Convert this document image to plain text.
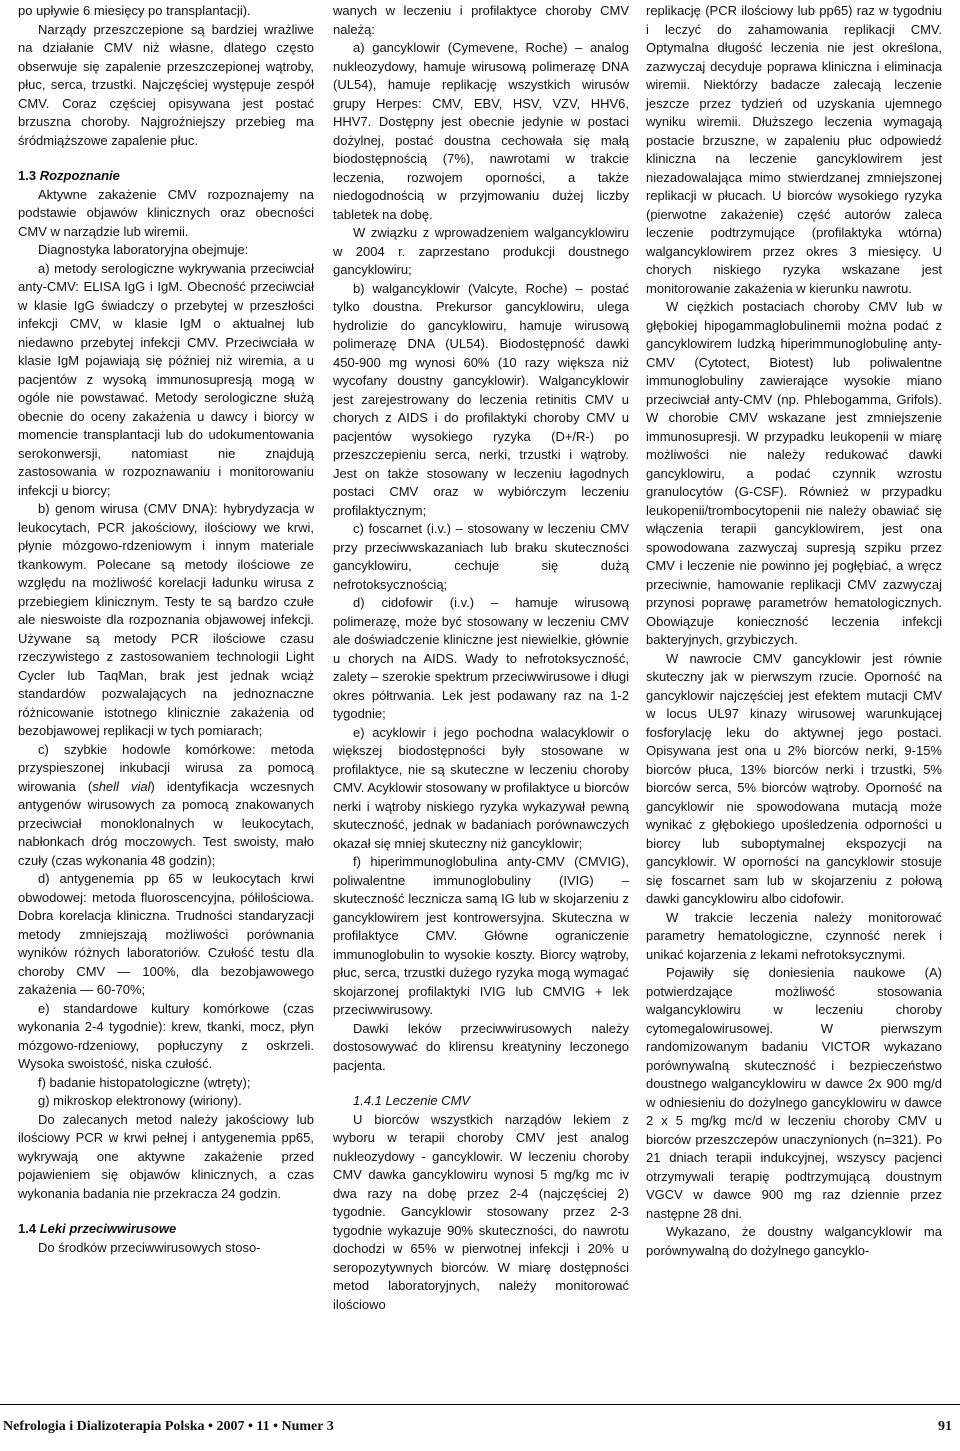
po upływie 6 miesięcy po transplantacji).

Narządy przeszczepione są bardziej wrażliwe na działanie CMV niż własne, dlatego często obserwuje się zapalenie przeszczepionej wątroby, płuc, serca, trzustki. Najczęściej występuje zespół CMV. Coraz częściej opisywana jest postać brzuszna choroby. Najgroźniejszy przebieg ma śródmiąższowe zapalenie płuc.

1.3 Rozpoznanie

Aktywne zakażenie CMV rozpoznajemy na podstawie objawów klinicznych oraz obecności CMV w narządzie lub wiremii.

Diagnostyka laboratoryjna obejmuje:

a) metody serologiczne wykrywania przeciwciał anty-CMV: ELISA IgG i IgM. Obecność przeciwciał w klasie IgG świadczy o przebytej w przeszłości infekcji CMV, w klasie IgM o aktualnej lub niedawno przebytej infekcji CMV. Przeciwciała w klasie IgM pojawiają się później niż wiremia, a u pacjentów z wysoką immunosupresją mogą w ogóle nie powstawać. Metody serologiczne służą obecnie do oceny zakażenia u dawcy i biorcy w momencie transplantacji lub do udokumentowania serokonwersji, natomiast nie znajdują zastosowania w rozpoznawaniu i monitorowaniu infekcji u biorcy;

b) genom wirusa (CMV DNA): hybrydyzacja w leukocytach, PCR jakościowy, ilościowy we krwi, płynie mózgowo-rdzeniowym i innym materiale tkankowym. Polecane są metody ilościowe ze względu na możliwość korelacji ładunku wirusa z przebiegiem klinicznym. Testy te są bardzo czułe ale nieswoiste dla rozpoznania objawowej infekcji. Używane są metody PCR ilościowe czasu rzeczywistego z zastosowaniem technologii Light Cycler lub TaqMan, brak jest jednak wciąż standardów pozwalających na jednoznaczne różnicowanie istotnego klinicznie zakażenia od bezobjawowej replikacji w tych pomiarach;

c) szybkie hodowle komórkowe: metoda przyspieszonej inkubacji wirusa za pomocą wirowania (shell vial) identyfikacja wczesnych antygenów wirusowych za pomocą znakowanych przeciwciał monoklonalnych w leukocytach, nabłonkach dróg moczowych. Test swoisty, mało czuły (czas wykonania 48 godzin);

d) antygenemia pp 65 w leukocytach krwi obwodowej: metoda fluoroscencyjna, półilościowa. Dobra korelacja kliniczna. Trudności standaryzacji metody zmniejszają możliwości porównania wyników różnych laboratoriów. Czułość testu dla choroby CMV — 100%, dla bezobjawowego zakażenia — 60-70%;

e) standardowe kultury komórkowe (czas wykonania 2-4 tygodnie): krew, tkanki, mocz, płyn mózgowo-rdzeniowy, popłuczyny z oskrzeli. Wysoka swoistość, niska czułość.

f) badanie histopatologiczne (wtręty);

g) mikroskop elektronowy (wiriony).

Do zalecanych metod należy jakościowy lub ilościowy PCR w krwi pełnej i antygenemia pp65, wykrywają one aktywne zakażenie przed pojawieniem się objawów klinicznych, a czas wykonania badania nie przekracza 24 godzin.

1.4 Leki przeciwwirusowe

Do środków przeciwwirusowych stoso-

wanych w leczeniu i profilaktyce choroby CMV należą:

a) gancyklowir (Cymevene, Roche) – analog nukleozydowy, hamuje wirusową polimerazę DNA (UL54), hamuje replikację wszystkich wirusów grupy Herpes: CMV, EBV, HSV, VZV, HHV6, HHV7. Dostępny jest obecnie jedynie w postaci dożylnej, postać doustna cechowała się małą biodostępnością (7%), nawrotami w trakcie leczenia, rozwojem oporności, a także niedogodnością w przyjmowaniu dużej liczby tabletek na dobę.

W związku z wprowadzeniem walgancyklowiru w 2004 r. zaprzestano produkcji doustnego gancyklowiru;

b) walgancyklowir (Valcyte, Roche) – postać tylko doustna. Prekursor gancyklowiru, ulega hydrolizie do gancyklowiru, hamuje wirusową polimerazę DNA (UL54). Biodostępność dawki 450-900 mg wynosi 60% (10 razy większa niż wycofany doustny gancyklowir). Walgancyklowir jest zarejestrowany do leczenia retinitis CMV u chorych z AIDS i do profilaktyki choroby CMV u pacjentów wysokiego ryzyka (D+/R-) po przeszczepieniu serca, nerki, trzustki i wątroby. Jest on także stosowany w leczeniu łagodnych postaci CMV oraz w wybiórczym leczeniu profilaktycznym;

c) foscarnet (i.v.) – stosowany w leczeniu CMV przy przeciwwskazaniach lub braku skuteczności gancyklowiru, cechuje się dużą nefrotoksycznością;

d) cidofowir (i.v.) – hamuje wirusową polimerazę, może być stosowany w leczeniu CMV ale doświadczenie kliniczne jest niewielkie, głównie u chorych na AIDS. Wady to nefrotoksyczność, zalety – szerokie spektrum przeciwwirusowe i długi okres półtrwania. Lek jest podawany raz na 1-2 tygodnie;

e) acyklowir i jego pochodna walacyklowir o większej biodostępności były stosowane w profilaktyce, nie są skuteczne w leczeniu choroby CMV. Acyklowir stosowany w profilaktyce u biorców nerki i wątroby niskiego ryzyka wykazywał pewną skuteczność, jednak w badaniach porównawczych okazał się mniej skuteczny niż gancyklowir;

f) hiperimmunoglobulina anty-CMV (CMVIG), poliwalentne immunoglobuliny (IVIG) – skuteczność lecznicza samą IG lub w skojarzeniu z gancyklowirem jest kontrowersyjna. Skuteczna w profilaktyce CMV. Główne ograniczenie immunoglobulin to wysokie koszty. Biorcy wątroby, płuc, serca, trzustki dużego ryzyka mogą wymagać skojarzonej profilaktyki IVIG lub CMVIG + lek przeciwwirusowy.

Dawki leków przeciwwirusowych należy dostosowywać do klirensu kreatyniny leczonego pacjenta.

1.4.1 Leczenie CMV

U biorców wszystkich narządów lekiem z wyboru w terapii choroby CMV jest analog nukleozydowy - gancyklowir. W leczeniu choroby CMV dawka gancyklowiru wynosi 5 mg/kg mc iv dwa razy na dobę przez 2-4 (najczęściej 2) tygodnie. Gancyklowir stosowany przez 2-3 tygodnie wykazuje 90% skuteczności, do nawrotu dochodzi w 65% w pierwotnej infekcji i 20% u seropozytywnych biorców. W miarę dostępności metod laboratoryjnych, należy monitorować ilościowo

replikację (PCR ilościowy lub pp65) raz w tygodniu i leczyć do zahamowania replikacji CMV. Optymalna długość leczenia nie jest określona, zazwyczaj decyduje poprawa kliniczna i eliminacja wiremii. Niektórzy badacze zalecają leczenie jeszcze przez tydzień od uzyskania ujemnego wyniku wiremii. Dłuższego leczenia wymagają postacie brzuszne, w zapaleniu płuc odpowiedź kliniczna na leczenie gancyklowirem jest niezadowalająca mimo stwierdzanej zmniejszonej replikacji w płucach. U biorców wysokiego ryzyka (pierwotne zakażenie) część autorów zaleca leczenie podtrzymujące (profilaktyka wtórna) walgancyklowirem przez okres 3 miesięcy. U chorych niskiego ryzyka wskazane jest monitorowanie zakażenia w kierunku nawrotu.

W ciężkich postaciach choroby CMV lub w głębokiej hipogammaglobulinemii można podać z gancyklowirem ludzką hiperimmunoglobulinę anty-CMV (Cytotect, Biotest) lub poliwalentne immunoglobuliny zawierające wysokie miano przeciwciał anty-CMV (np. Phlebogamma, Grifols). W chorobie CMV wskazane jest zmniejszenie immunosupresji. W przypadku leukopenii w miarę możliwości nie należy redukować dawki gancyklowiru, a podać czynnik wzrostu granulocytów (G-CSF). Również w przypadku leukopenii/trombocytopenii nie należy obawiać się włączenia terapii gancyklowirem, jest ona spowodowana zazwyczaj supresją szpiku przez CMV i leczenie nie powinno jej pogłębiać, a wręcz przeciwnie, hamowanie replikacji CMV zazwyczaj przynosi poprawę parametrów hematologicznych. Obowiązuje konieczność leczenia infekcji bakteryjnych, grzybiczych.

W nawrocie CMV gancyklowir jest równie skuteczny jak w pierwszym rzucie. Oporność na gancyklowir najczęściej jest efektem mutacji CMV w locus UL97 kinazy wirusowej warunkującej fosforylację leku do aktywnej jego postaci. Opisywana jest ona u 2% biorców nerki, 9-15% biorców płuca, 13% biorców nerki i trzustki, 5% biorców serca, 5% biorców wątroby. Oporność na gancyklowir nie spowodowana mutacją może wynikać z głębokiego upośledzenia odporności u biorcy lub suboptymalnej ekspozycji na gancyklowir. W oporności na gancyklowir stosuje się foscarnet sam lub w skojarzeniu z połową dawki gancyklowiru albo cidofowir.

W trakcie leczenia należy monitorować parametry hematologiczne, czynność nerek i unikać kojarzenia z lekami nefrotoksycznymi.

Pojawiły się doniesienia naukowe (A) potwierdzające możliwość stosowania walgancyklowiru w leczeniu choroby cytomegalowirusowej. W pierwszym randomizowanym badaniu VICTOR wykazano porównywalną skuteczność i bezpieczeństwo doustnego walgancyklowiru w dawce 2x 900 mg/d w odniesieniu do dożylnego gancyklowiru w dawce 2 x 5 mg/kg mc/d w leczeniu choroby CMV u biorców przeszczepów unaczynionych (n=321). Po 21 dniach terapii indukcyjnej, wszyscy pacjenci otrzymywali terapię podtrzymującą doustnym VGCV w dawce 900 mg raz dziennie przez następne 28 dni.

Wykazano, że doustny walgancyklowir ma porównywalną do dożylnego gancyklo-

Nefrologia i Dializoterapia Polska • 2007 • 11 • Numer 3	91
